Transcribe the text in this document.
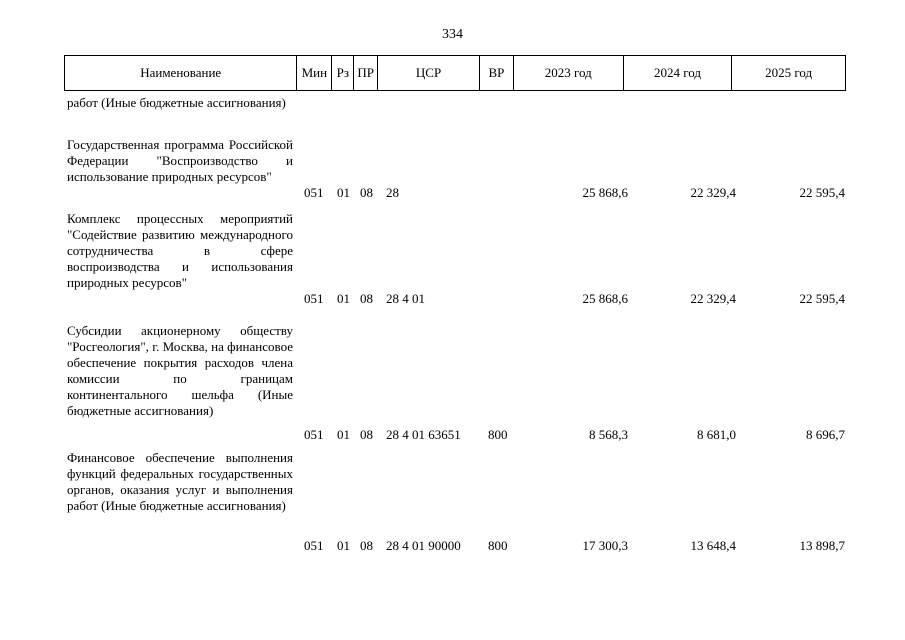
334
Наименование	Мин Рз ПР	ЦСР	ВР	2023 год	2024 год	2025 год
работ (Иные бюджетные ассигнования)
Государственная программа Российской Федерации "Воспроизводство и использование природных ресурсов"
051 01 08 28	25 868,6	22 329,4	22 595,4
Комплекс процессных мероприятий "Содействие развитию международного сотрудничества в сфере воспроизводства и использования природных ресурсов"
051 01 08 28 4 01	25 868,6	22 329,4	22 595,4
Субсидии акционерному обществу "Росгеология", г. Москва, на финансовое обеспечение покрытия расходов члена комиссии по границам континентального шельфа (Иные бюджетные ассигнования)
051 01 08 28 4 01 63651 800	8 568,3	8 681,0	8 696,7
Финансовое обеспечение выполнения функций федеральных государственных органов, оказания услуг и выполнения работ (Иные бюджетные ассигнования)
051 01 08 28 4 01 90000 800	17 300,3	13 648,4	13 898,7
